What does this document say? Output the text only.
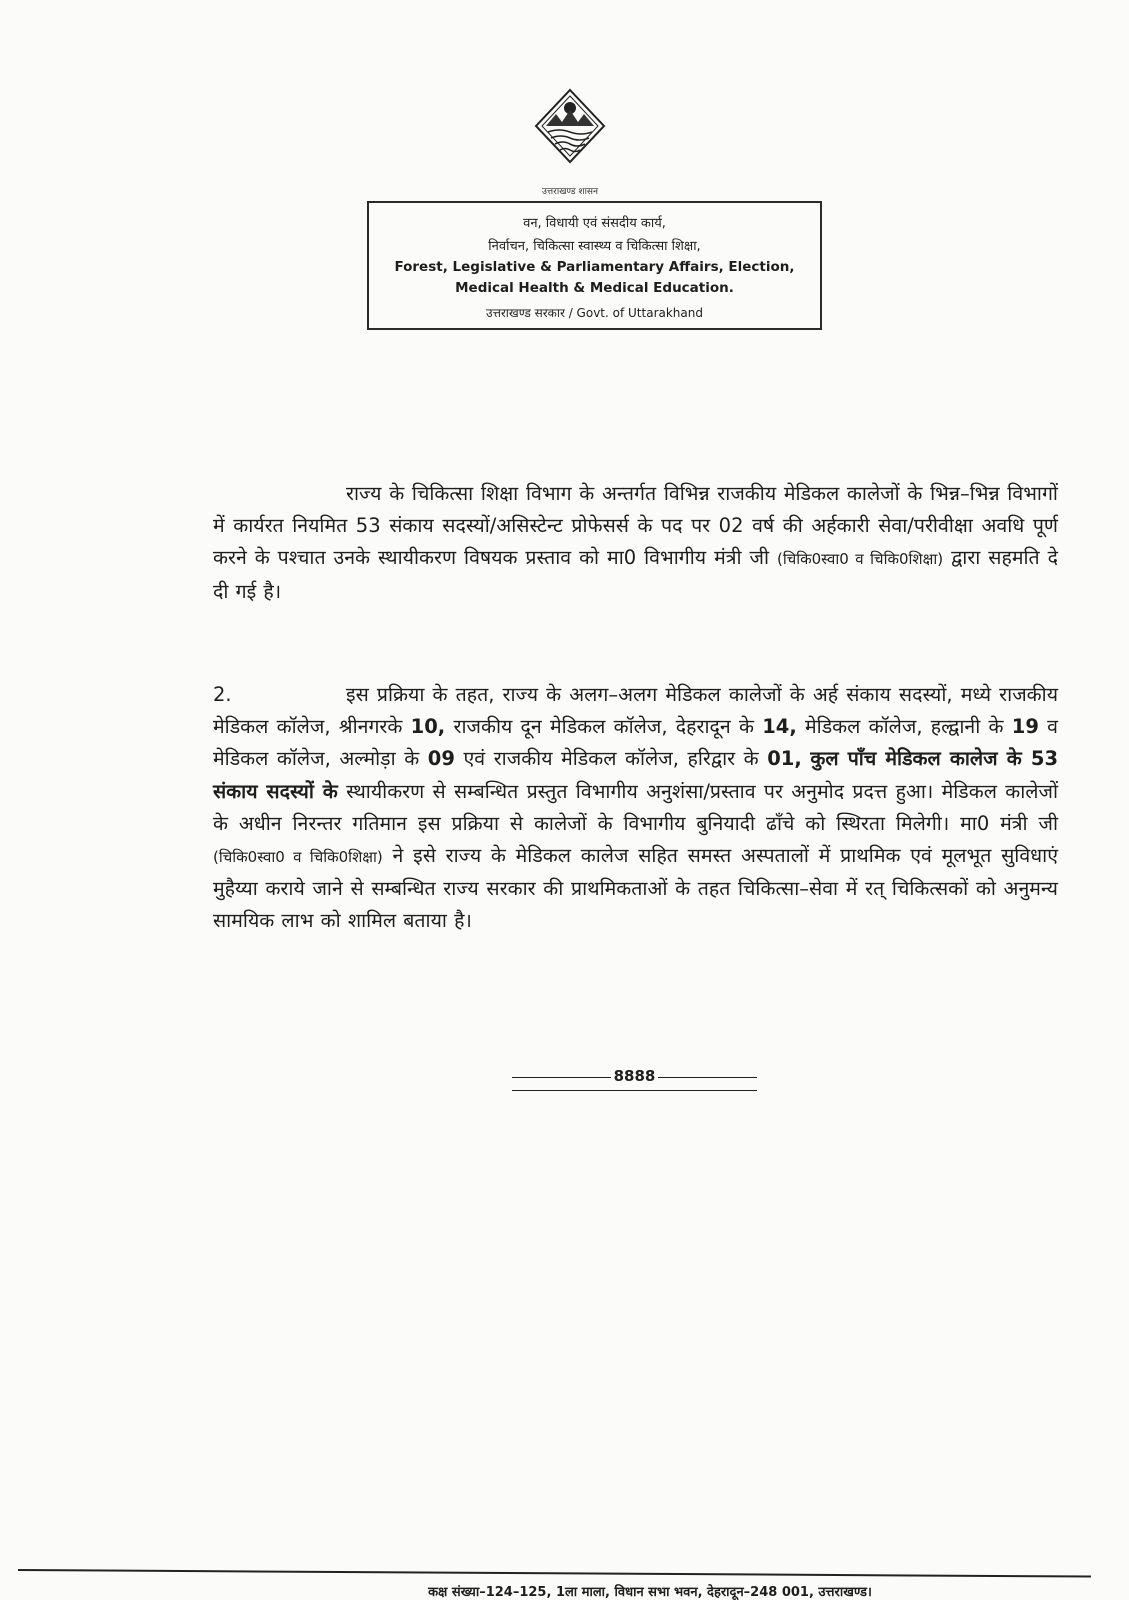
उत्तराखण्ड शासन
वन, विधायी एवं संसदीय कार्य,
निर्वाचन, चिकित्सा स्वास्थ्य व चिकित्सा शिक्षा,
Forest, Legislative & Parliamentary Affairs, Election,
Medical Health & Medical Education.
उत्तराखण्ड सरकार / Govt. of Uttarakhand
राज्य के चिकित्सा शिक्षा विभाग के अन्तर्गत विभिन्न राजकीय मेडिकल कालेजों के भिन्न–भिन्न विभागों में कार्यरत नियमित 53 संकाय सदस्यों/असिस्टेन्ट प्रोफेसर्स के पद पर 02 वर्ष की अर्हकारी सेवा/परीवीक्षा अवधि पूर्ण करने के पश्चात उनके स्थायीकरण विषयक प्रस्ताव को मा0 विभागीय मंत्री जी (चिकि0स्वा0 व चिकि0शिक्षा) द्वारा सहमति दे दी गई है।
2.	इस प्रक्रिया के तहत, राज्य के अलग–अलग मेडिकल कालेजों के अर्ह संकाय सदस्यों, मध्ये राजकीय मेडिकल कॉलेज, श्रीनगरके 10, राजकीय दून मेडिकल कॉलेज, देहरादून के 14, मेडिकल कॉलेज, हल्द्वानी के 19 व मेडिकल कॉलेज, अल्मोड़ा के 09 एवं राजकीय मेडिकल कॉलेज, हरिद्वार के 01, कुल पाँच मेडिकल कालेज के 53 संकाय सदस्यों के स्थायीकरण से सम्बन्धित प्रस्तुत विभागीय अनुशंसा/प्रस्ताव पर अनुमोद प्रदत्त हुआ। मेडिकल कालेजों के अधीन निरन्तर गतिमान इस प्रक्रिया से कालेजों के विभागीय बुनियादी ढाँचे को स्थिरता मिलेगी। मा0 मंत्री जी (चिकि0स्वा0 व चिकि0शिक्षा) ने इसे राज्य के मेडिकल कालेज सहित समस्त अस्पतालों में प्राथमिक एवं मूलभूत सुविधाएं मुहैय्या कराये जाने से सम्बन्धित राज्य सरकार की प्राथमिकताओं के तहत चिकित्सा–सेवा में रत् चिकित्सकों को अनुमन्य सामयिक लाभ को शामिल बताया है।
8888
कक्ष संख्या–124–125, 1ला माला, विधान सभा भवन, देहरादून–248 001, उत्तराखण्ड।
